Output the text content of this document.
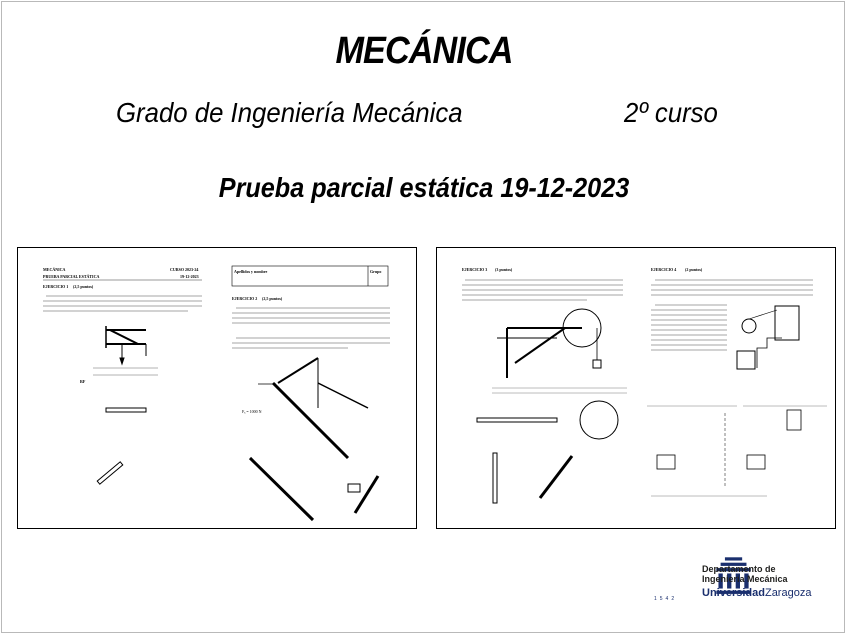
MECÁNICA
Grado de Ingeniería Mecánica	2º curso
Prueba parcial estática 19-12-2023
MECÁNICA	CURSO 2023-24
PRUEBA PARCIAL ESTÁTICA	19-12-2023
EJERCICIO 1 (2,5 puntos)
RF
Apellidos y nombre	Grupo
EJERCICIO 2 (2,5 puntos)
Fₓ = 1000 N
EJERCICIO 3 (3 puntos)	EJERCICIO 4 (2 puntos)
1542
Departamento de
Ingeniería Mecánica
UniversidadZaragoza
